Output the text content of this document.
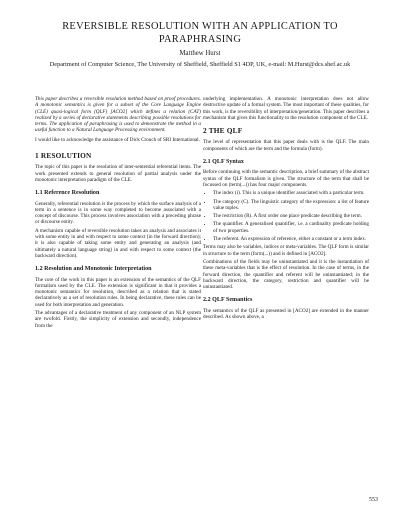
REVERSIBLE RESOLUTION WITH AN APPLICATION TO
PARAPHRASING
Matthew Hurst
Department of Computer Science, The University of Sheffield, Sheffield S1 4DP, UK, e-mail: M.Hurst@dcs.shef.ac.uk

This paper describes a reversible resolution method based on proof procedures. A monotonic semantics is given for a subset of the Core Language Engine (CLE) quasi-logical form (QLF) [ACO2] which defines a relation (CAT) realized by a series of declarative statements describing possible resolutions for terms. The application of paraphrasing is used to demonstrate the method in a useful function to a Natural Language Processing environment.

I would like to acknowledge the assistance of Dick Crouch of SRI International.

1 RESOLUTION

The topic of this paper is the resolution of inter-sentential referential items. The work presented extends to general resolution of partial analysis under the monotonic interpretation paradigm of the CLE.

1.1 Reference Resolution

Generally, referential resolution is the process by which the surface analysis of a term in a sentence is in some way completed to become associated with a concept of discourse. This process involves association with a preceding phrase or discourse entity.

A mechanism capable of reversible resolution takes an analysis and associates it with some entity in and with respect to some context (in the forward direction); it is also capable of taking some entity and generating an analysis (and ultimately a natural language string) in and with respect to some context (the backward direction).

1.2 Resolution and Monotonic Interpretation

The core of the work in this paper is an extension of the semantics of the QLF formalism used by the CLE. The extension is significant in that it provides a monotonic semantics for resolution, described as a relation that is stated declaratively as a set of resolution rules. In being declarative, these rules can be used for both interpretation and generation.

The advantages of a declarative treatment of any component of an NLP system are twofold. Firstly, the simplicity of extension and secondly, independence from the

underlying implementation. A monotonic interpretation does not allow destructive update of a formal system. The most important of these qualities, for this work, is the reversibility of interpretation/generation. This paper describes a mechanism that gives this functionality to the resolution component of the CLE.

2 THE QLF

The level of representation that this paper deals with is the QLF. The main components of which are the term and the formula (form).

2.1 QLF Syntax

Before continuing with the semantic description, a brief summary of the abstract syntax of the QLF formalism is given. The structure of the term that shall be focussed on (term(...)) has four major components.

• The index (i). This is a unique identifier associated with a particular term.
• The category (C). The linguistic category of the expression: a list of feature value tuples.
• The restriction (R). A first order one place predicate describing the term.
• The quantifier. A generalised quantifier, i.e. a cardinality predicate holding of two properties.
• The referent. An expression of reference, either a constant or a term index.

Terms may also be variables, indices or meta-variables. The QLF form is similar in structure to the term (form(...)) and is defined in [ACO2].

Combinations of the fields may be uninstantiated and it is the instantiation of these meta-variables that is the effect of resolution. In the case of terms, in the forward direction, the quantifier and referent will be uninstantiated; in the backward direction, the category, restriction and quantifier will be uninstantiated.

2.2 QLF Semantics

The semantics of the QLF as presented in [ACO2] are extended in the manner described. As shown above, a

553
